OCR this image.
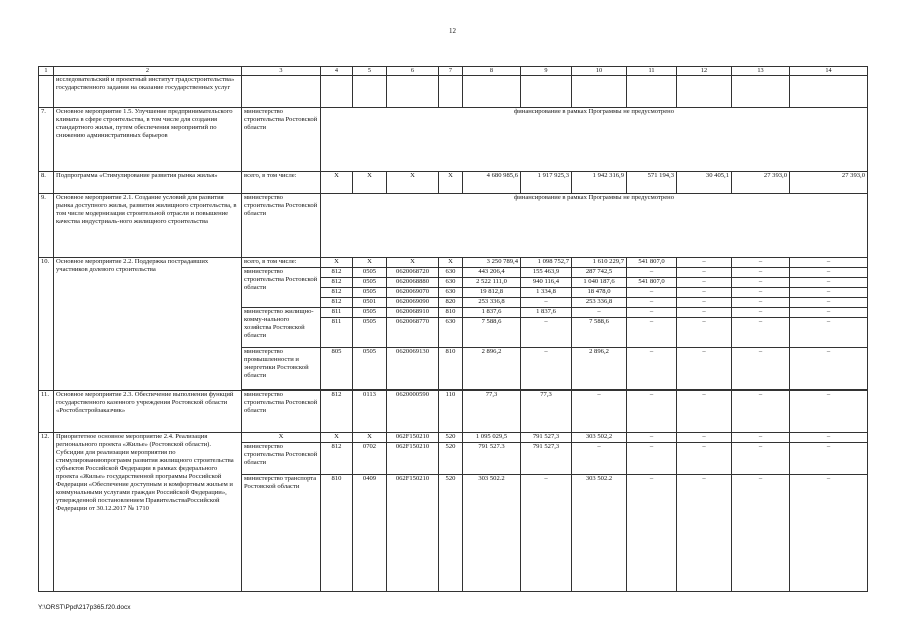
12
1	2	3	4	5	6	7	8	9	10	11	12	13	14
	исследовательский и проектный институт градостроительства» государственного задания на оказание государственных услуг												
7.	Основное мероприятие 1.5. Улучшение предпринимательского климата в сфере строительства, в том числе для создания стандартного жилья, путем обеспечения мероприятий по снижению административных барьеров	министерство строительства Ростовской области	финансирование в рамках Программы не предусмотрено										
8.	Подпрограмма «Стимулирование развития рынка жилья»	всего, в том числе:	X	X	X	X	4 680 985,6	1 917 925,3	1 942 316,9	571 194,3	30 405,1	27 393,0	27 393,0
9.	Основное мероприятие 2.1. Создание условий для развития рынка доступного жилья, развития жилищного строительства, в том числе модернизация строительной отрасли и повышение качества индустриаль-ного жилищного строительства	министерство строительства Ростовской области	финансирование в рамках Программы не предусмотрено										
10.	Основное мероприятие 2.2. Поддержка пострадавших участников долевого строительства	всего, в том числе:	X	X	X	X	3 250 789,4	1 098 752,7	1 610 229,7	541 807,0	–	–	–
		министерство строительства Ростовской области	812	0505	0620068720	630	443 206,4	155 463,9	287 742,5	–	–	–	–
			812	0505	0620068880	630	2 522 111,0	940 116,4	1 040 187,6	541 807,0	–	–	–
			812	0505	0620069070	630	19 812,8	1 334,8	18 478,0	–	–	–	–
			812	0501	0620069090	820	253 336,8	–	253 336,8	–	–	–	–
		министерство жилищно-комму-нального хозяйства Ростовской области	811	0505	0620068910	810	1 837,6	1 837,6	–	–	–	–	–
			811	0505	0620068770	630	7 588,6	–	7 588,6	–	–	–	–
		министерство промышленности и энергетики Ростовской области	805	0505	0620069130	810	2 896,2	–	2 896,2	–	–	–	–

11.	Основное мероприятие 2.3. Обеспечение выполнения функций государственного казенного учреждения Ростовской области «Ростоблстройзаказчик»	министерство строительства Ростовской области	812	0113	0620000590	110	77,3	77,3	–	–	–	–	–
12.	Приоритетное основное мероприятие 2.4. Реализация регионального проекта «Жилье» (Ростовской области). Субсидии для реализации мероприятия по стимулированиюпрограмм развития жилищного строительства субъектов Российской Федерации в рамках федерального проекта «Жилье» государственной программы Российской Федерации «Обеспечение доступным и комфортным жильем и коммунальными услугами граждан Российской Федерации», утвержденной постановлением ПравительстваРоссийской Федерации от 30.12.2017 № 1710	X	X	X	062F150210	520	1 095 029,5	791 527,3	303 502,2	–	–	–	–
		министерство строительства Ростовской области	812	0702	062F150210	520	791 527.3	791 527,3	–	–	–	–	–
		министерство транспорта Ростовской области	810	0409	062F150210	520	303 502.2	–	303 502.2	–	–	–	–
Y:\ORST\Ppd\217p365.f20.docx
